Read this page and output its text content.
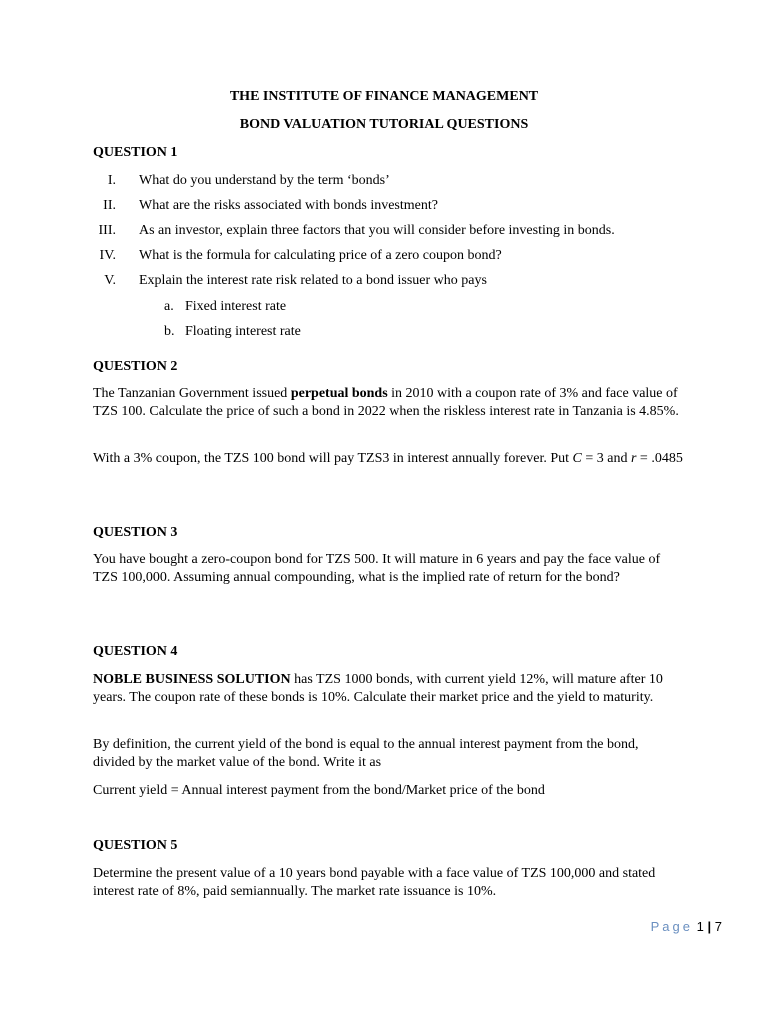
THE INSTITUTE OF FINANCE MANAGEMENT
BOND VALUATION TUTORIAL QUESTIONS
QUESTION 1
I. What do you understand by the term ‘bonds’
II. What are the risks associated with bonds investment?
III. As an investor, explain three factors that you will consider before investing in bonds.
IV. What is the formula for calculating price of a zero coupon bond?
V. Explain the interest rate risk related to a bond issuer who pays
a. Fixed interest rate
b. Floating interest rate
QUESTION 2
The Tanzanian Government issued perpetual bonds in 2010 with a coupon rate of 3% and face value of TZS 100. Calculate the price of such a bond in 2022 when the riskless interest rate in Tanzania is 4.85%.
With a 3% coupon, the TZS 100 bond will pay TZS3 in interest annually forever. Put C = 3 and r = .0485
QUESTION 3
You have bought a zero-coupon bond for TZS 500. It will mature in 6 years and pay the face value of TZS 100,000. Assuming annual compounding, what is the implied rate of return for the bond?
QUESTION 4
NOBLE BUSINESS SOLUTION has TZS 1000 bonds, with current yield 12%, will mature after 10 years. The coupon rate of these bonds is 10%. Calculate their market price and the yield to maturity.
By definition, the current yield of the bond is equal to the annual interest payment from the bond, divided by the market value of the bond. Write it as
Current yield = Annual interest payment from the bond/Market price of the bond
QUESTION 5
Determine the present value of a 10 years bond payable with a face value of TZS 100,000 and stated interest rate of 8%, paid semiannually. The market rate issuance is 10%.
Page 1 | 7
